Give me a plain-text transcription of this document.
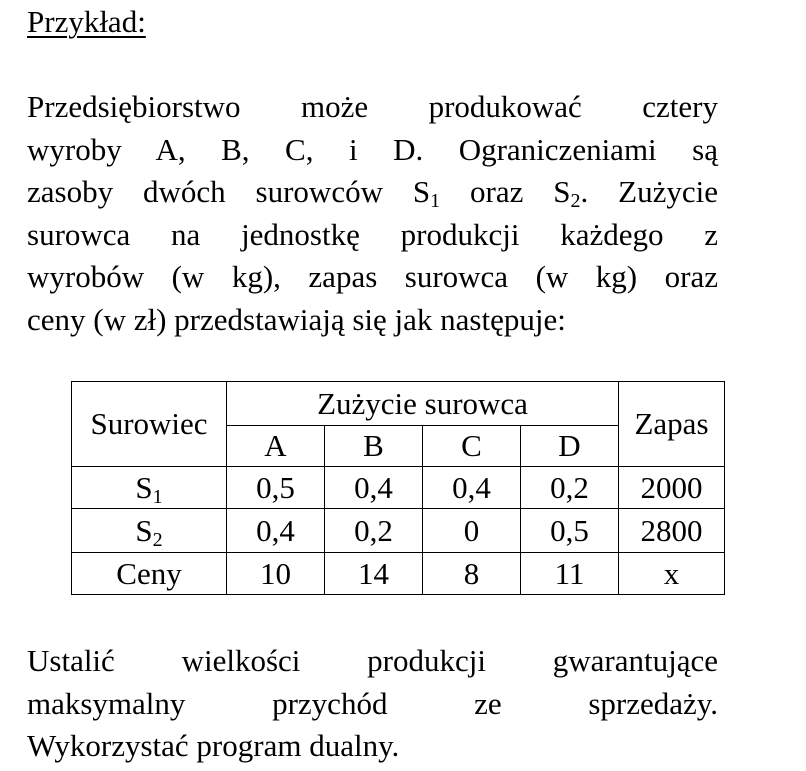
Przykład:
Przedsiębiorstwo może produkować cztery
wyroby A, B, C, i D. Ograniczeniami są
zasoby dwóch surowców $S_1$ oraz $S_2$. Zużycie
surowca na jednostkę produkcji każdego z
wyrobów (w kg), zapas surowca (w kg) oraz
ceny (w zł) przedstawiają się jak następuje:
Surowiec	Zużycie surowca				Zapas
	A	B	C	D	
$S_1$	0,5	0,4	0,4	0,2	2000
$S_2$	0,4	0,2	0	0,5	2800
Ceny	10	14	8	11	x
Ustalić wielkości produkcji gwarantujące
maksymalny przychód ze sprzedaży.
Wykorzystać program dualny.
